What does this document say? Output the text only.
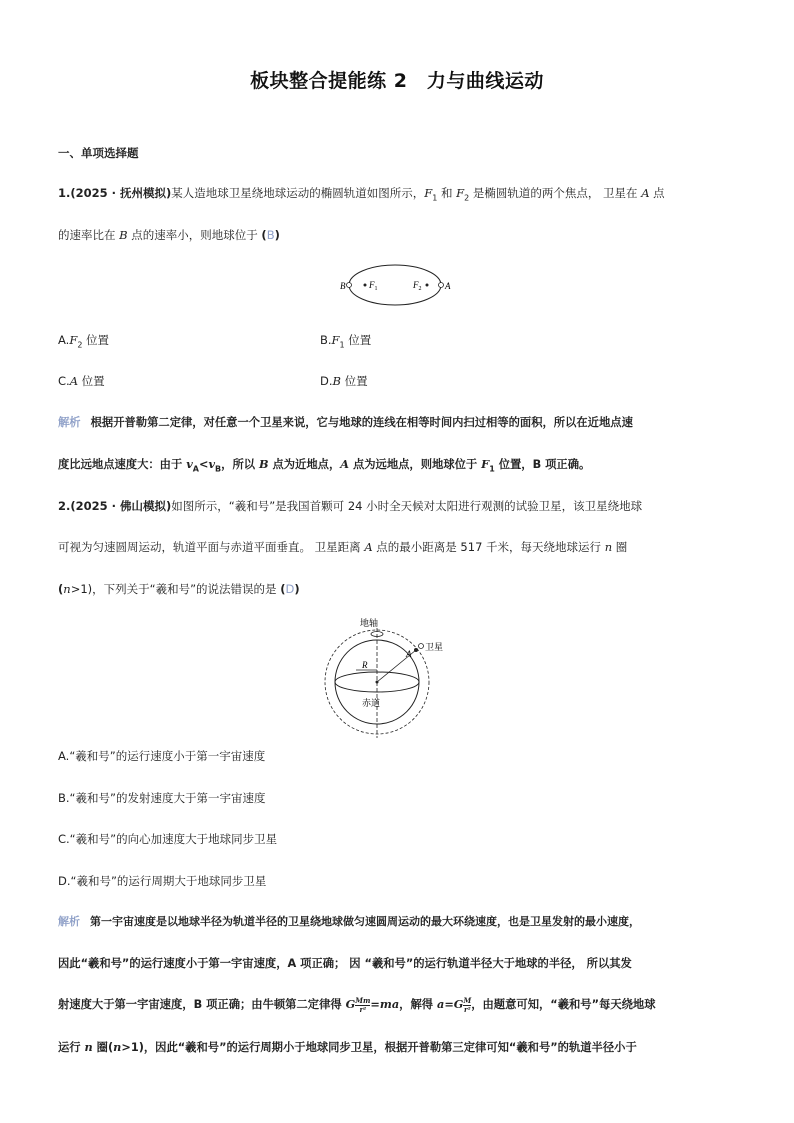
板块整合提能练 2　力与曲线运动
一、单项选择题
1.(2025 · 抚州模拟)某人造地球卫星绕地球运动的椭圆轨道如图所示，$F_1$ 和 $F_2$ 是椭圆轨道的两个焦点， 卫星在 A 点
的速率比在 B 点的速率小，则地球位于 (B)
B	$F_1$	$F_2$	A
$A.F_2$ 位置	$B.F_1$ 位置
C.A 位置	D.B 位置
解析 根据开普勒第二定律，对任意一个卫星来说，它与地球的连线在相等时间内扫过相等的面积，所以在近地点速
度比远地点速度大：由于 $v_A<v_B$，所以 B 点为近地点，A 点为远地点，则地球位于 $F_1$ 位置，B 项正确。
2.(2025 · 佛山模拟)如图所示，“羲和号”是我国首颗可 24 小时全天候对太阳进行观测的试验卫星，该卫星绕地球
可视为匀速圆周运动，轨道平面与赤道平面垂直。 卫星距离 A 点的最小距离是 517 千米，每天绕地球运行 n 圈
(n>1)，下列关于“羲和号”的说法错误的是 (D)
地轴
卫星
A
R
赤道
A.“羲和号”的运行速度小于第一宇宙速度
B.“羲和号”的发射速度大于第一宇宙速度
C.“羲和号”的向心加速度大于地球同步卫星
D.“羲和号”的运行周期大于地球同步卫星
解析 第一宇宙速度是以地球半径为轨道半径的卫星绕地球做匀速圆周运动的最大环绕速度，也是卫星发射的最小速度，
因此“羲和号”的运行速度小于第一宇宙速度，A 项正确； 因 “羲和号”的运行轨道半径大于地球的半径， 所以其发
射速度大于第一宇宙速度，B 项正确；由牛顿第二定律得 G $\frac{Mm}{\text{r²}} =ma$，解得 $a=G \frac{M}{\text{r²}}$ ，由题意可知，“羲和号”每天绕地球
运行 n 圈(n>1)，因此“羲和号”的运行周期小于地球同步卫星，根据开普勒第三定律可知“羲和号”的轨道半径小于
